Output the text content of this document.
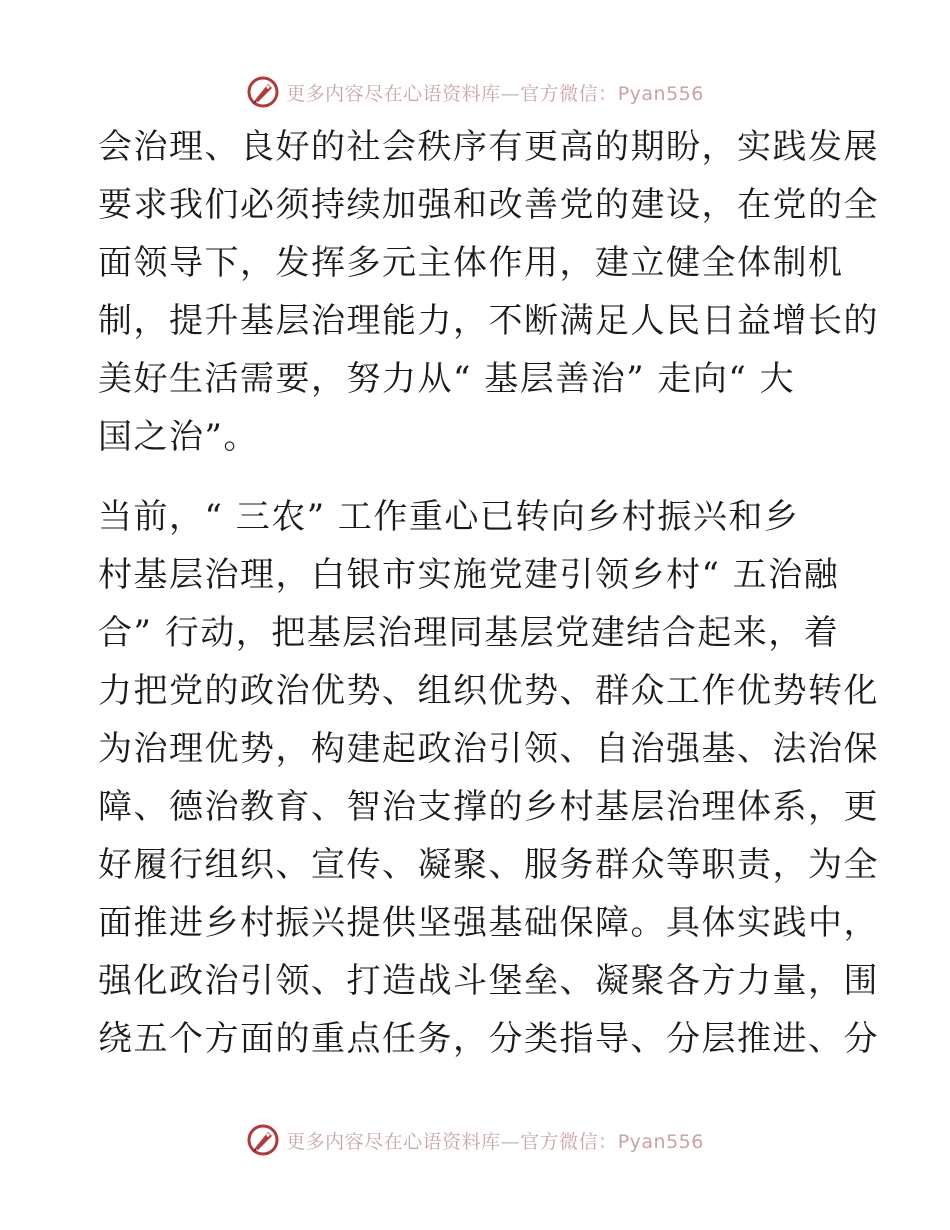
更多内容尽在心语资料库—官方微信：Pyan556
会治理、良好的社会秩序有更高的期盼，实践发展
要求我们必须持续加强和改善党的建设，在党的全
面领导下，发挥多元主体作用，建立健全体制机
制，提升基层治理能力，不断满足人民日益增长的
美好生活需要，努力从“ 基层善治” 走向“ 大
国之治”。
当前，“ 三农” 工作重心已转向乡村振兴和乡
村基层治理，白银市实施党建引领乡村“ 五治融
合” 行动，把基层治理同基层党建结合起来，着
力把党的政治优势、组织优势、群众工作优势转化
为治理优势，构建起政治引领、自治强基、法治保
障、德治教育、智治支撑的乡村基层治理体系，更
好履行组织、宣传、凝聚、服务群众等职责，为全
面推进乡村振兴提供坚强基础保障。具体实践中，
强化政治引领、打造战斗堡垒、凝聚各方力量，围
绕五个方面的重点任务，分类指导、分层推进、分
更多内容尽在心语资料库—官方微信：Pyan556
